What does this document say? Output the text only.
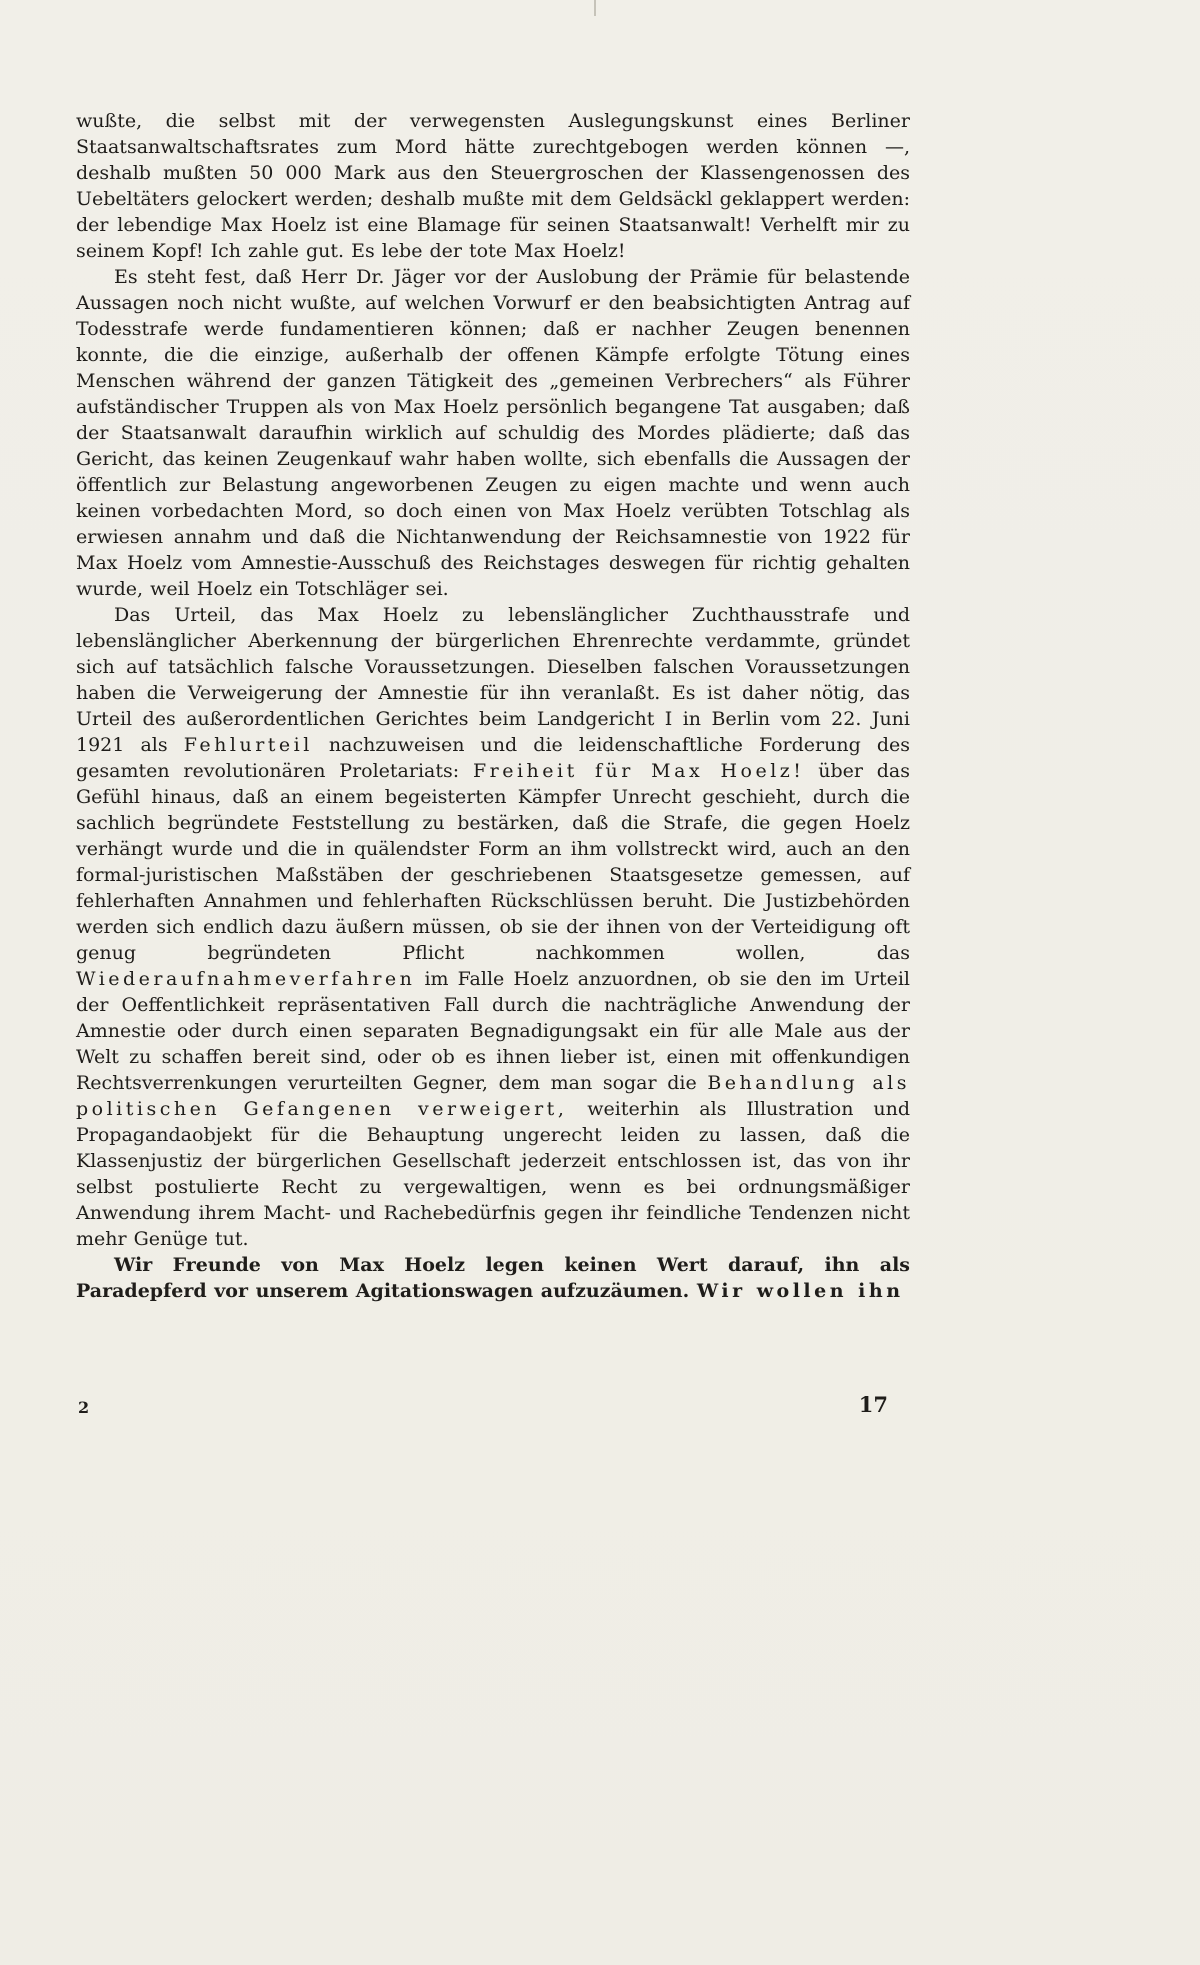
wußte, die selbst mit der verwegensten Auslegungskunst eines Berliner Staatsanwaltschaftsrates zum Mord hätte zurechtgebogen werden können —, deshalb mußten 50 000 Mark aus den Steuergroschen der Klassengenossen des Uebeltäters gelockert werden; deshalb mußte mit dem Geldsäckl geklappert werden: der lebendige Max Hoelz ist eine Blamage für seinen Staatsanwalt! Verhelft mir zu seinem Kopf! Ich zahle gut. Es lebe der tote Max Hoelz!

Es steht fest, daß Herr Dr. Jäger vor der Auslobung der Prämie für belastende Aussagen noch nicht wußte, auf welchen Vorwurf er den beabsichtigten Antrag auf Todesstrafe werde fundamentieren können; daß er nachher Zeugen benennen konnte, die die einzige, außerhalb der offenen Kämpfe erfolgte Tötung eines Menschen während der ganzen Tätigkeit des „gemeinen Verbrechers“ als Führer aufständischer Truppen als von Max Hoelz persönlich begangene Tat ausgaben; daß der Staatsanwalt daraufhin wirklich auf schuldig des Mordes plädierte; daß das Gericht, das keinen Zeugenkauf wahr haben wollte, sich ebenfalls die Aussagen der öffentlich zur Belastung angeworbenen Zeugen zu eigen machte und wenn auch keinen vorbedachten Mord, so doch einen von Max Hoelz verübten Totschlag als erwiesen annahm und daß die Nichtanwendung der Reichsamnestie von 1922 für Max Hoelz vom Amnestie-Ausschuß des Reichstages deswegen für richtig gehalten wurde, weil Hoelz ein Totschläger sei.

Das Urteil, das Max Hoelz zu lebenslänglicher Zuchthausstrafe und lebenslänglicher Aberkennung der bürgerlichen Ehrenrechte verdammte, gründet sich auf tatsächlich falsche Voraussetzungen. Dieselben falschen Voraussetzungen haben die Verweigerung der Amnestie für ihn veranlaßt. Es ist daher nötig, das Urteil des außerordentlichen Gerichtes beim Landgericht I in Berlin vom 22. Juni 1921 als Fehlurteil nachzuweisen und die leidenschaftliche Forderung des gesamten revolutionären Proletariats: Freiheit für Max Hoelz! über das Gefühl hinaus, daß an einem begeisterten Kämpfer Unrecht geschieht, durch die sachlich begründete Feststellung zu bestärken, daß die Strafe, die gegen Hoelz verhängt wurde und die in quälendster Form an ihm vollstreckt wird, auch an den formal-juristischen Maßstäben der geschriebenen Staatsgesetze gemessen, auf fehlerhaften Annahmen und fehlerhaften Rückschlüssen beruht. Die Justizbehörden werden sich endlich dazu äußern müssen, ob sie der ihnen von der Verteidigung oft genug begründeten Pflicht nachkommen wollen, das Wiederaufnahmeverfahren im Falle Hoelz anzuordnen, ob sie den im Urteil der Oeffentlichkeit repräsentativen Fall durch die nachträgliche Anwendung der Amnestie oder durch einen separaten Begnadigungsakt ein für alle Male aus der Welt zu schaffen bereit sind, oder ob es ihnen lieber ist, einen mit offenkundigen Rechtsverrenkungen verurteilten Gegner, dem man sogar die Behandlung als politischen Gefangenen verweigert, weiterhin als Illustration und Propagandaobjekt für die Behauptung ungerecht leiden zu lassen, daß die Klassenjustiz der bürgerlichen Gesellschaft jederzeit entschlossen ist, das von ihr selbst postulierte Recht zu vergewaltigen, wenn es bei ordnungsmäßiger Anwendung ihrem Macht- und Rachebedürfnis gegen ihr feindliche Tendenzen nicht mehr Genüge tut.

Wir Freunde von Max Hoelz legen keinen Wert darauf, ihn als Paradepferd vor unserem Agitationswagen aufzuzäumen. Wir wollen ihn

2	17
